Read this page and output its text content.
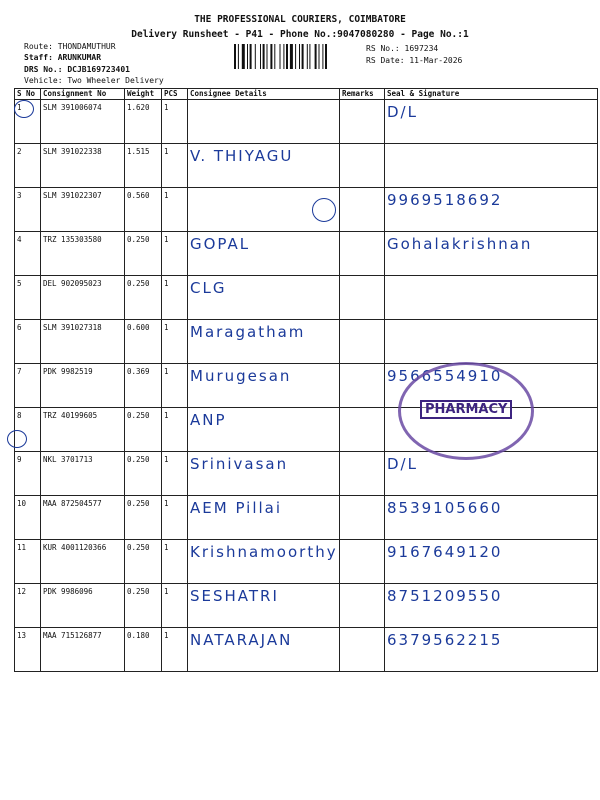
THE PROFESSIONAL COURIERS, COIMBATORE
Delivery Runsheet - P41 - Phone No.:9047080280 - Page No.:1
Route: THONDAMUTHUR
Staff: ARUNKUMAR
DRS No.: DCJB169723401
Vehicle: Two Wheeler Delivery
RS No.: 1697234
RS Date: 11-Mar-2026
S No	Consignment No	Weight	PCS	Consignee Details	Remarks	Seal & Signature
1	SLM 391006074	1.620	1			D/L
2	SLM 391022338	1.515	1	V. THIYAGU		
3	SLM 391022307	0.560	1			9969518692
4	TRZ 135303580	0.250	1	GOPAL		Gohalakrishnan
5	DEL 902095023	0.250	1	CLG		
6	SLM 391027318	0.600	1	Maragatham		
7	PDK 9982519	0.369	1	Murugesan		9566554910
8	TRZ 40199605	0.250	1	ANP		
9	NKL 3701713	0.250	1	Srinivasan		D/L
10	MAA 872504577	0.250	1	AEM Pillai		8539105660
11	KUR 4001120366	0.250	1	Krishnamoorthy		9167649120
12	PDK 9986096	0.250	1	SESHATRI		8751209550
13	MAA 715126877	0.180	1	NATARAJAN		6379562215
PHARMACY
